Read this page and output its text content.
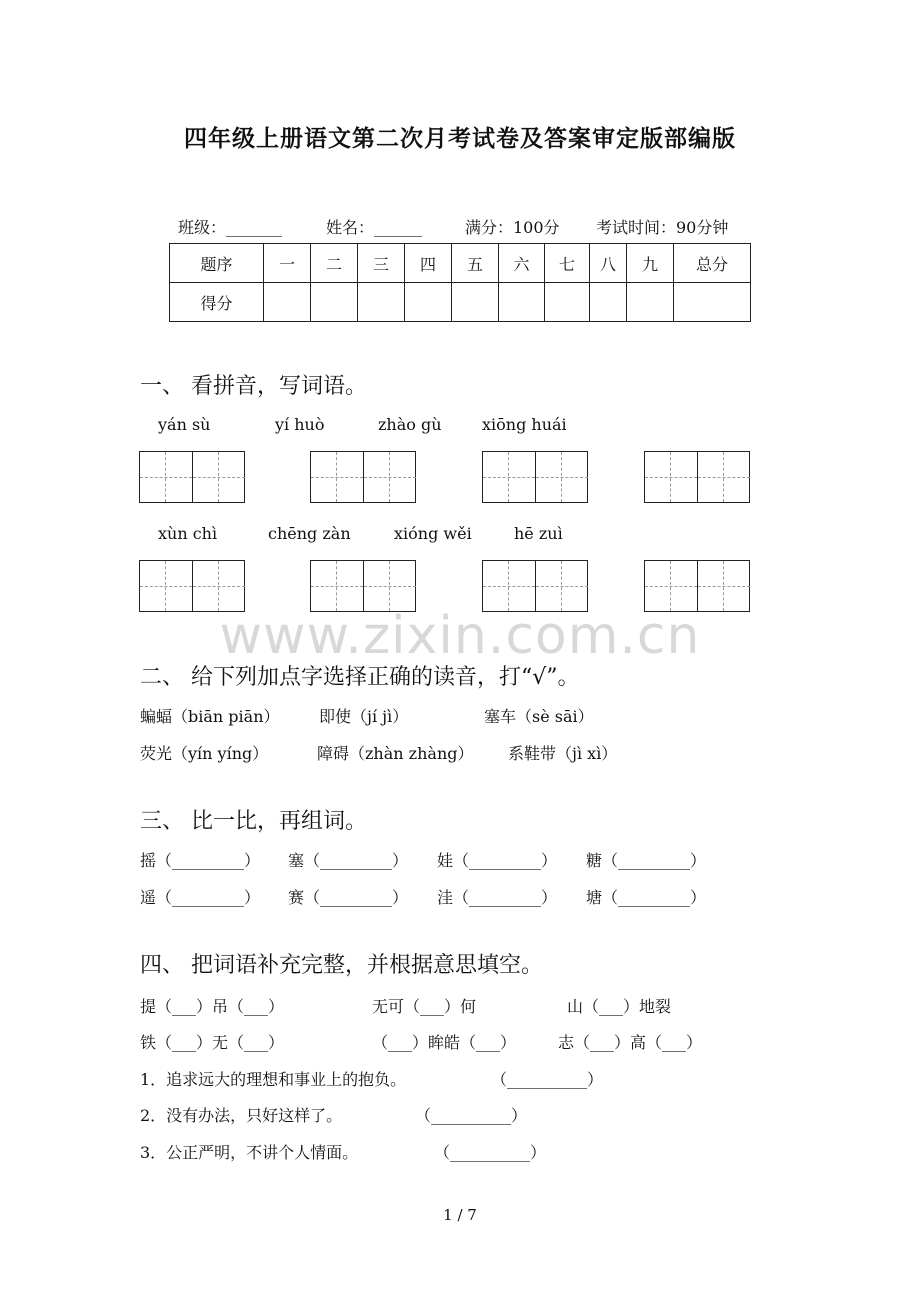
四年级上册语文第二次月考试卷及答案审定版部编版
班级：_______	姓名：______	满分：100分 考试时间：90分钟
题序	一	二	三	四	五	六	七	八	九	总分
得分										
一、 看拼音，写词语。
yán sù	yí huò	zhào gù	xiōng huái
xùn chì	chēng zàn	xióng wěi	hē zuì
www.zixin.com.cn
二、 给下列加点字选择正确的读音，打“√”。
蝙蝠（biān piān） 即使（jí jì）	塞车（sè sāi）
荧光（yín yíng）	障碍（zhàn zhàng） 系鞋带（jì xì）
三、 比一比，再组词。
摇（_________） 塞（_________） 娃（_________） 糖（_________）
遥（_________） 赛（_________） 洼（_________） 塘（_________）
四、 把词语补充完整，并根据意思填空。
提（___）吊（___）	无可（___）何	山（___）地裂
铁（___）无（___）	（___）眸皓（___）	志（___）高（___）
1．追求远大的理想和事业上的抱负。	（__________）
2．没有办法，只好这样了。	（__________）
3．公正严明，不讲个人情面。	（__________）
1 / 7
